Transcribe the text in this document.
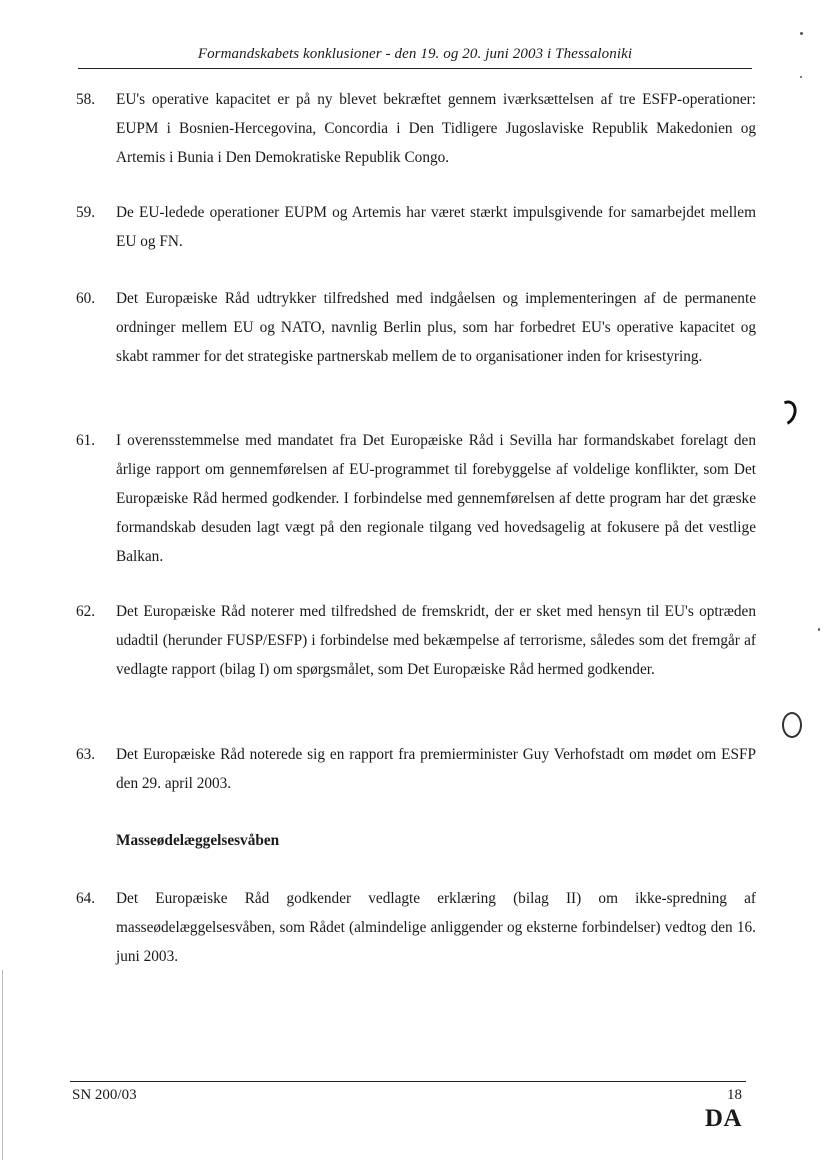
Formandskabets konklusioner - den 19. og 20. juni 2003 i Thessaloniki
58. EU's operative kapacitet er på ny blevet bekræftet gennem iværksættelsen af tre ESFP-operationer: EUPM i Bosnien-Hercegovina, Concordia i Den Tidligere Jugoslaviske Republik Makedonien og Artemis i Bunia i Den Demokratiske Republik Congo.
59. De EU-ledede operationer EUPM og Artemis har været stærkt impulsgivende for samarbejdet mellem EU og FN.
60. Det Europæiske Råd udtrykker tilfredshed med indgåelsen og implementeringen af de permanente ordninger mellem EU og NATO, navnlig Berlin plus, som har forbedret EU's operative kapacitet og skabt rammer for det strategiske partnerskab mellem de to organisationer inden for krisestyring.
61. I overensstemmelse med mandatet fra Det Europæiske Råd i Sevilla har formandskabet forelagt den årlige rapport om gennemførelsen af EU-programmet til forebyggelse af voldelige konflikter, som Det Europæiske Råd hermed godkender. I forbindelse med gennemførelsen af dette program har det græske formandskab desuden lagt vægt på den regionale tilgang ved hovedsagelig at fokusere på det vestlige Balkan.
62. Det Europæiske Råd noterer med tilfredshed de fremskridt, der er sket med hensyn til EU's optræden udadtil (herunder FUSP/ESFP) i forbindelse med bekæmpelse af terrorisme, således som det fremgår af vedlagte rapport (bilag I) om spørgsmålet, som Det Europæiske Råd hermed godkender.
63. Det Europæiske Råd noterede sig en rapport fra premierminister Guy Verhofstadt om mødet om ESFP den 29. april 2003.
Masseødelæggelsesvåben
64. Det Europæiske Råd godkender vedlagte erklæring (bilag II) om ikke-spredning af masseødelæggelsesvåben, som Rådet (almindelige anliggender og eksterne forbindelser) vedtog den 16. juni 2003.
SN 200/03	18
DA
